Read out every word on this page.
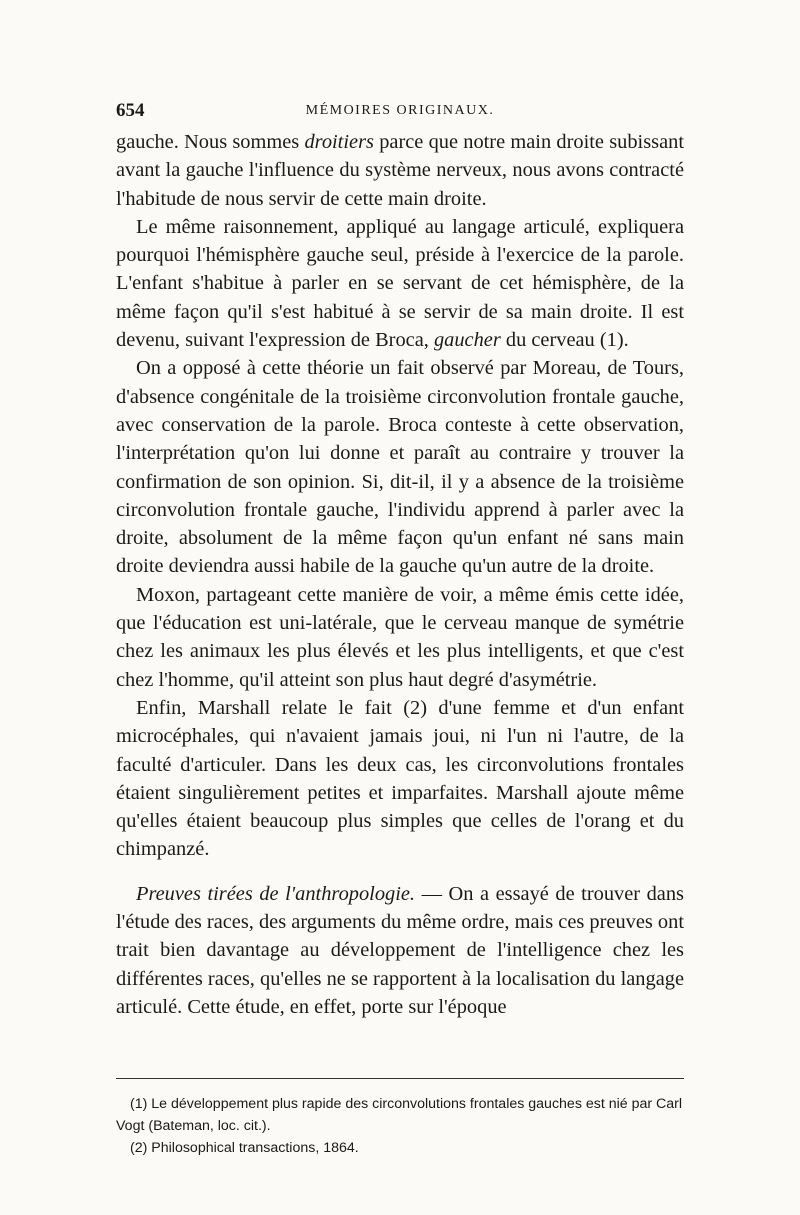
654	MÉMOIRES ORIGINAUX.

gauche. Nous sommes droitiers parce que notre main droite subissant avant la gauche l'influence du système nerveux, nous avons contracté l'habitude de nous servir de cette main droite.

Le même raisonnement, appliqué au langage articulé, expliquera pourquoi l'hémisphère gauche seul, préside à l'exercice de la parole. L'enfant s'habitue à parler en se servant de cet hémisphère, de la même façon qu'il s'est habitué à se servir de sa main droite. Il est devenu, suivant l'expression de Broca, gaucher du cerveau (1).

On a opposé à cette théorie un fait observé par Moreau, de Tours, d'absence congénitale de la troisième circonvolution frontale gauche, avec conservation de la parole. Broca conteste à cette observation, l'interprétation qu'on lui donne et paraît au contraire y trouver la confirmation de son opinion. Si, dit-il, il y a absence de la troisième circonvolution frontale gauche, l'individu apprend à parler avec la droite, absolument de la même façon qu'un enfant né sans main droite deviendra aussi habile de la gauche qu'un autre de la droite.

Moxon, partageant cette manière de voir, a même émis cette idée, que l'éducation est uni-latérale, que le cerveau manque de symétrie chez les animaux les plus élevés et les plus intelligents, et que c'est chez l'homme, qu'il atteint son plus haut degré d'asymétrie.

Enfin, Marshall relate le fait (2) d'une femme et d'un enfant microcéphales, qui n'avaient jamais joui, ni l'un ni l'autre, de la faculté d'articuler. Dans les deux cas, les circonvolutions frontales étaient singulièrement petites et imparfaites. Marshall ajoute même qu'elles étaient beaucoup plus simples que celles de l'orang et du chimpanzé.

Preuves tirées de l'anthropologie. — On a essayé de trouver dans l'étude des races, des arguments du même ordre, mais ces preuves ont trait bien davantage au développement de l'intelligence chez les différentes races, qu'elles ne se rapportent à la localisation du langage articulé. Cette étude, en effet, porte sur l'époque

(1) Le développement plus rapide des circonvolutions frontales gauches est nié par Carl Vogt (Bateman, loc. cit.).

(2) Philosophical transactions, 1864.
